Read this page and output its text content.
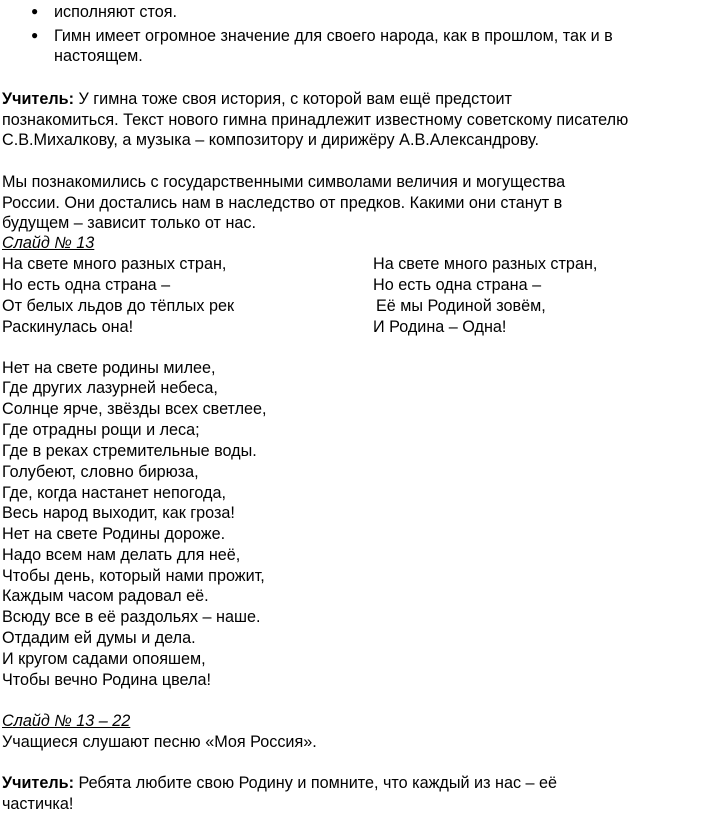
● исполняют стоя.
● Гимн имеет огромное значение для своего народа, как в прошлом, так и в
настоящем.
Учитель: У гимна тоже своя история, с которой вам ещё предстоит
познакомиться. Текст нового гимна принадлежит известному советскому писателю
С.В.Михалкову, а музыка – композитору и дирижёру А.В.Александрову.
Мы познакомились с государственными символами величия и могущества
России. Они достались нам в наследство от предков. Какими они станут в
будущем – зависит только от нас.
Слайд № 13
На свете много разных стран,
Но есть одна страна –
От белых льдов до тёплых рек
Раскинулась она!
На свете много разных стран,
Но есть одна страна –
Её мы Родиной зовём,
И Родина – Одна!
Нет на свете родины милее,
Где других лазурней небеса,
Солнце ярче, звёзды всех светлее,
Где отрадны рощи и леса;
Где в реках стремительные воды.
Голубеют, словно бирюза,
Где, когда настанет непогода,
Весь народ выходит, как гроза!
Нет на свете Родины дороже.
Надо всем нам делать для неё,
Чтобы день, который нами прожит,
Каждым часом радовал её.
Всюду все в её раздольях – наше.
Отдадим ей думы и дела.
И кругом садами опояшем,
Чтобы вечно Родина цвела!
Слайд № 13 – 22
Учащиеся слушают песню «Моя Россия».
Учитель: Ребята любите свою Родину и помните, что каждый из нас – её
частичка!
